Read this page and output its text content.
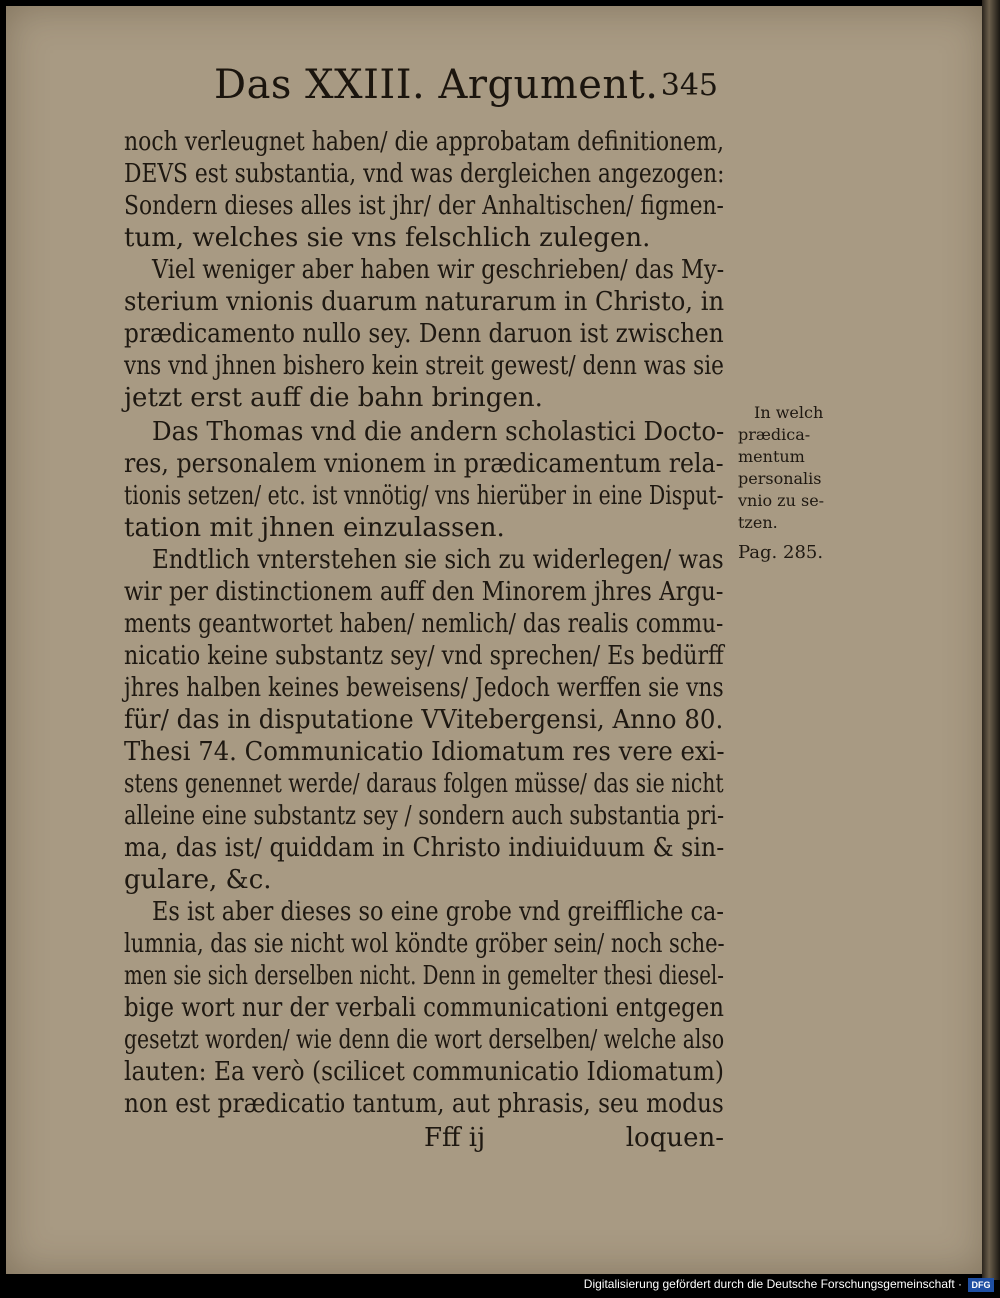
Das XXIII. Argument. 345
noch verleugnet haben/ die approbatam definitionem,
DEVS est substantia, vnd was dergleichen angezogen:
Sondern dieses alles ist jhr/ der Anhaltischen/ figmen-
tum, welches sie vns felschlich zulegen.
Viel weniger aber haben wir geschrieben/ das My-
sterium vnionis duarum naturarum in Christo, in
prædicamento nullo sey. Denn daruon ist zwischen
vns vnd jhnen bishero kein streit gewest/ denn was sie
jetzt erst auff die bahn bringen.
Das Thomas vnd die andern scholastici Docto-
res, personalem vnionem in prædicamentum rela-
tionis setzen/ etc. ist vnnötig/ vns hierüber in eine Disput-
tation mit jhnen einzulassen.
Endtlich vnterstehen sie sich zu widerlegen/ was
wir per distinctionem auff den Minorem jhres Argu-
ments geantwortet haben/ nemlich/ das realis commu-
nicatio keine substantz sey/ vnd sprechen/ Es bedürff
jhres halben keines beweisens/ Jedoch werffen sie vns
für/ das in disputatione VVitebergensi, Anno 80.
Thesi 74. Communicatio Idiomatum res vere exi-
stens genennet werde/ daraus folgen müsse/ das sie nicht
alleine eine substantz sey / sondern auch substantia pri-
ma, das ist/ quiddam in Christo indiuiduum & sin-
gulare, &c.
Es ist aber dieses so eine grobe vnd greiffliche ca-
lumnia, das sie nicht wol köndte gröber sein/ noch sche-
men sie sich derselben nicht. Denn in gemelter thesi diesel-
bige wort nur der verbali communicationi entgegen
gesetzt worden/ wie denn die wort derselben/ welche also
lauten: Ea verò (scilicet communicatio Idiomatum)
non est prædicatio tantum, aut phrasis, seu modus
Fff ij	loquen-
In welch
prædica-
mentum
personalis
vnio zu se-
tzen.
Pag. 285.
Digitalisierung gefördert durch die Deutsche Forschungsgemeinschaft ·	DFG
